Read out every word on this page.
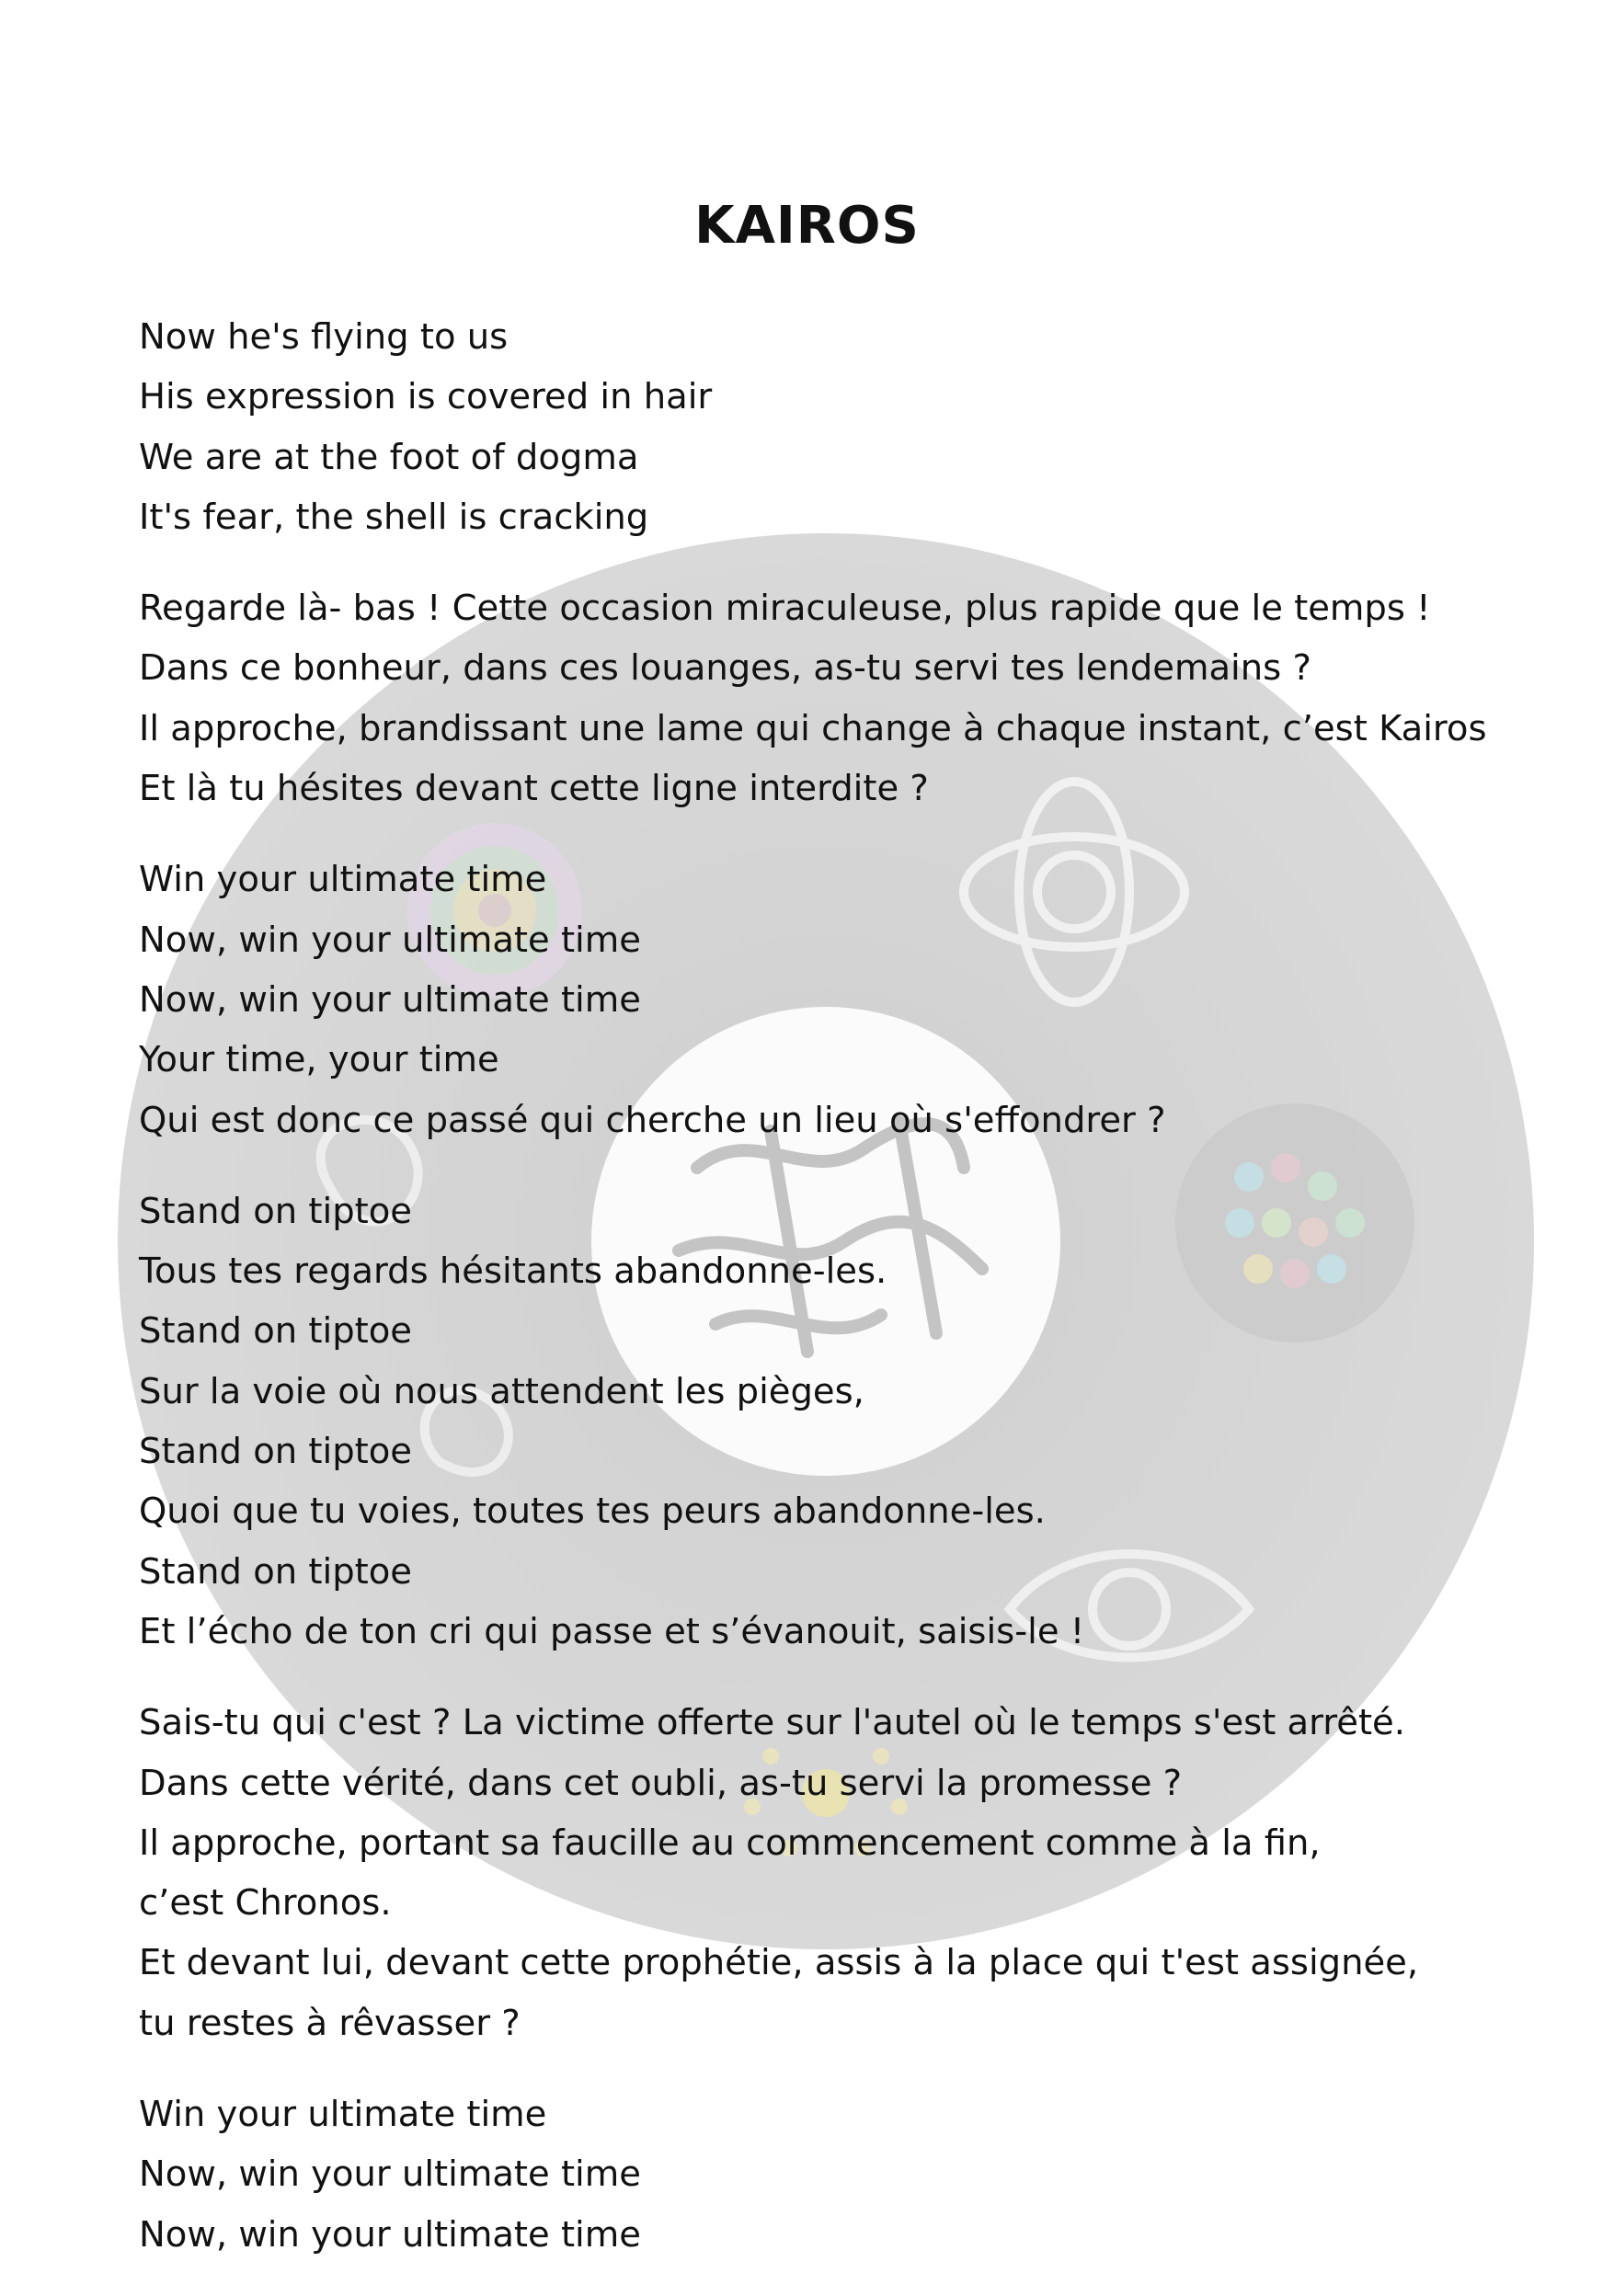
KAIROS
Now he's flying to us
His expression is covered in hair
We are at the foot of dogma
It's fear, the shell is cracking
Regarde là- bas ! Cette occasion miraculeuse, plus rapide que le temps !
Dans ce bonheur, dans ces louanges, as-tu servi tes lendemains ?
Il approche, brandissant une lame qui change à chaque instant, c’est Kairos
Et là tu hésites devant cette ligne interdite ?
Win your ultimate time
Now, win your ultimate time
Now, win your ultimate time
Your time, your time
Qui est donc ce passé qui cherche un lieu où s'effondrer ?
Stand on tiptoe
Tous tes regards hésitants abandonne-les.
Stand on tiptoe
Sur la voie où nous attendent les pièges,
Stand on tiptoe
Quoi que tu voies, toutes tes peurs abandonne-les.
Stand on tiptoe
Et l’écho de ton cri qui passe et s’évanouit, saisis-le !
Sais-tu qui c'est ? La victime offerte sur l'autel où le temps s'est arrêté.
Dans cette vérité, dans cet oubli, as-tu servi la promesse ?
Il approche, portant sa faucille au commencement comme à la fin,
c’est Chronos.
Et devant lui, devant cette prophétie, assis à la place qui t'est assignée,
tu restes à rêvasser ?
Win your ultimate time
Now, win your ultimate time
Now, win your ultimate time
